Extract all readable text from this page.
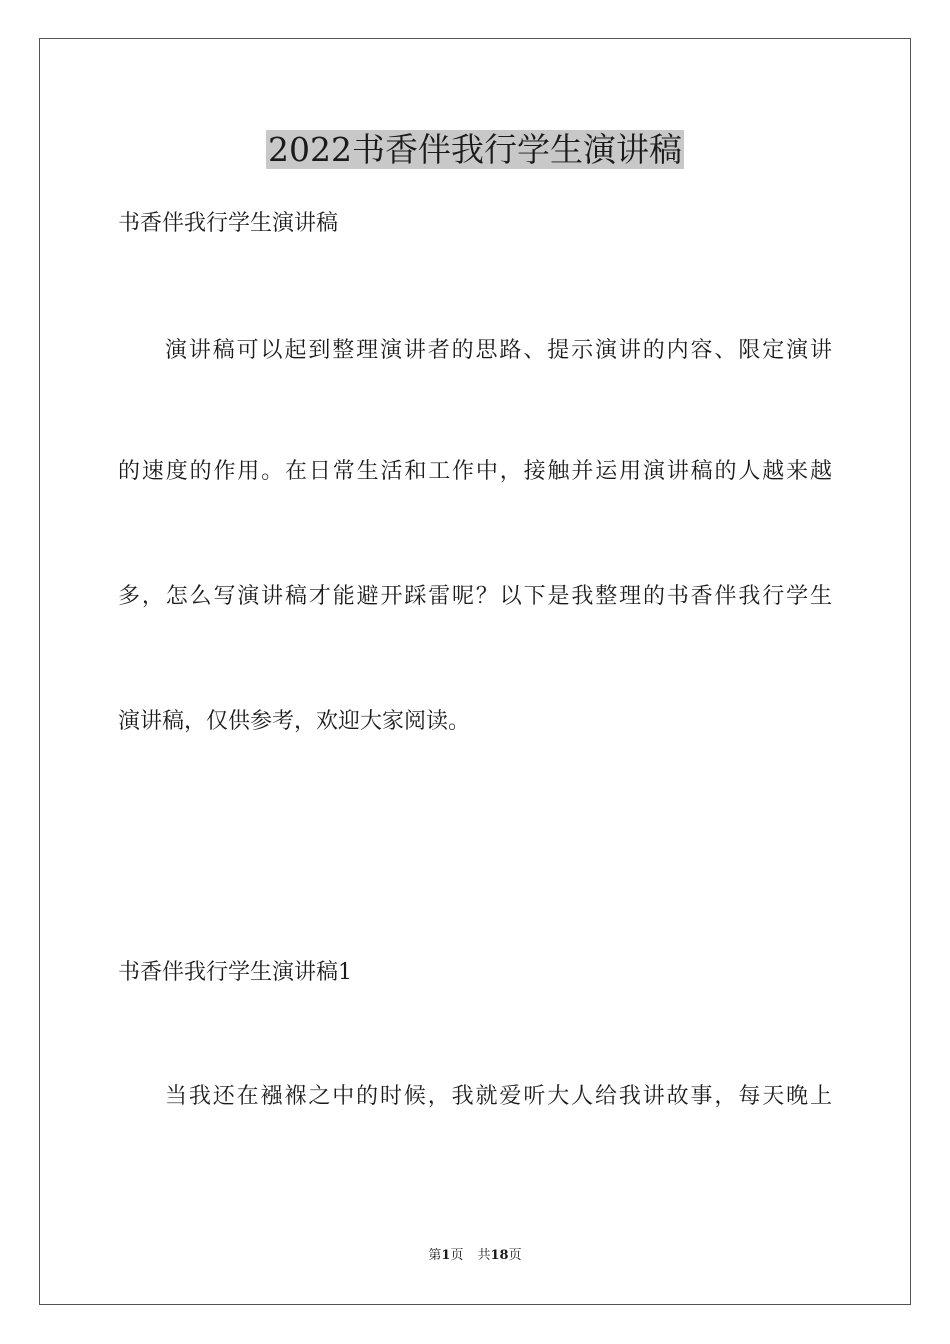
2022书香伴我行学生演讲稿
书香伴我行学生演讲稿
演讲稿可以起到整理演讲者的思路、提示演讲的内容、限定演讲
的速度的作用。在日常生活和工作中，接触并运用演讲稿的人越来越
多，怎么写演讲稿才能避开踩雷呢？以下是我整理的书香伴我行学生
演讲稿，仅供参考，欢迎大家阅读。
书香伴我行学生演讲稿1
当我还在襁褓之中的时候，我就爱听大人给我讲故事，每天晚上
第1页 共18页
